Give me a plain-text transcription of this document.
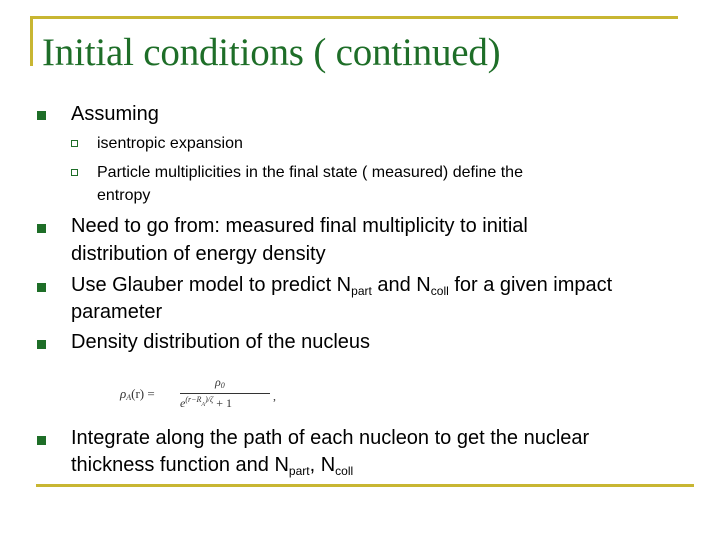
Initial conditions ( continued)
Assuming
isentropic expansion
Particle multiplicities in the final state ( measured) define the
entropy
Need to go from: measured final multiplicity to initial
distribution of energy density
Use Glauber model to predict $N_{part}$ and $N_{coll}$ for a given impact
parameter
Density distribution of the nucleus
$\rho_A(r)$ =
$\rho_0$
$e^{(r-R_A)/\zeta} + 1$	,
Integrate along the path of each nucleon to get the nuclear
thickness function and $N_{part}$, $N_{coll}$
